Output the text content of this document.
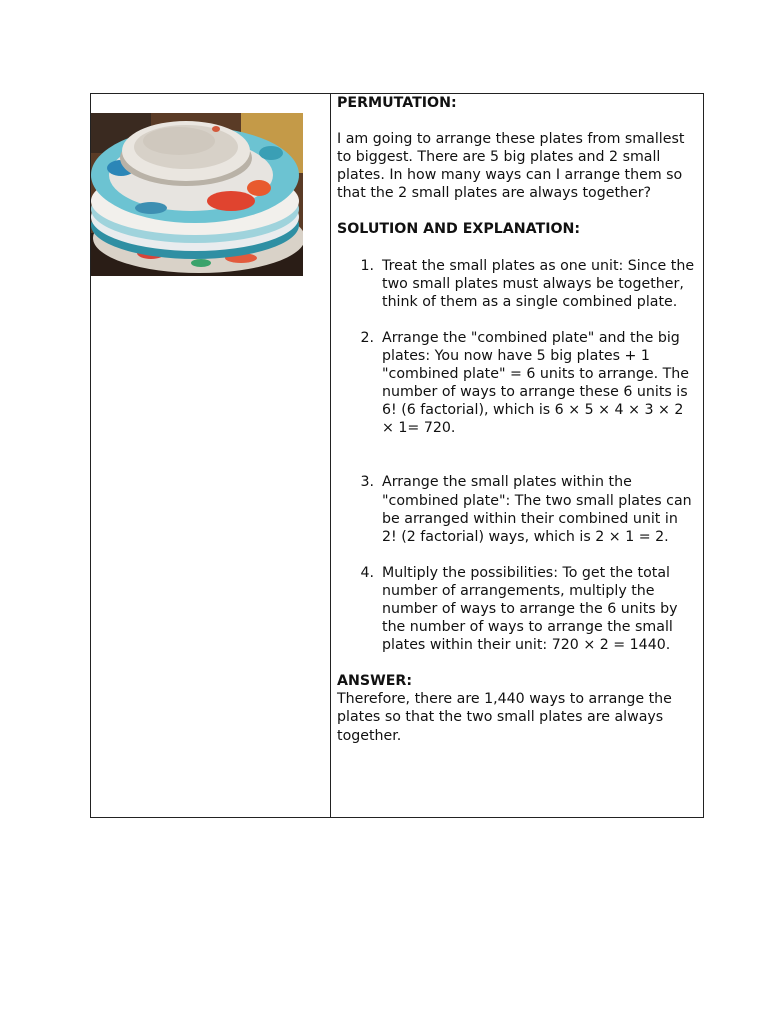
PERMUTATION:

I am going to arrange these plates from smallest to biggest. There are 5 big plates and 2 small plates. In how many ways can I arrange them so that the 2 small plates are always together?

SOLUTION AND EXPLANATION:

1. Treat the small plates as one unit: Since the two small plates must always be together, think of them as a single combined plate.
2. Arrange the "combined plate" and the big plates: You now have 5 big plates + 1 "combined plate" = 6 units to arrange. The number of ways to arrange these 6 units is 6! (6 factorial), which is 6 × 5 × 4 × 3 × 2 × 1= 720.
3. Arrange the small plates within the "combined plate": The two small plates can be arranged within their combined unit in 2! (2 factorial) ways, which is 2 × 1 = 2.
4. Multiply the possibilities: To get the total number of arrangements, multiply the number of ways to arrange the 6 units by the number of ways to arrange the small plates within their unit: 720 × 2 = 1440.

ANSWER:

Therefore, there are 1,440 ways to arrange the plates so that the two small plates are always together.
